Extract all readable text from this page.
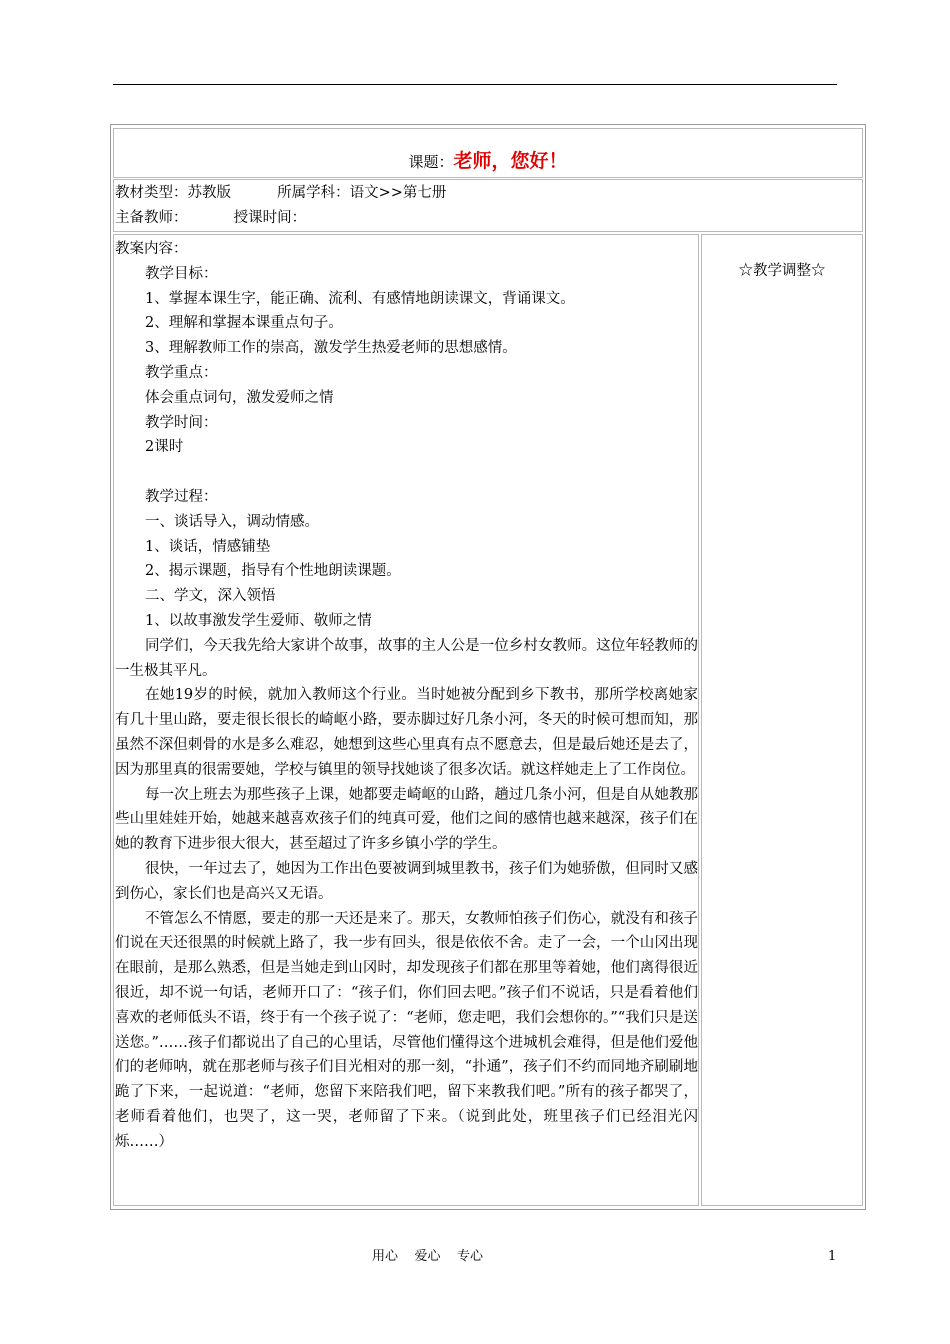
课题：老师，您好！
教材类型：苏教版          所属学科：语文>>第七册
主备教师：          授课时间：

教案内容：

教学目标：

1、掌握本课生字，能正确、流利、有感情地朗读课文，背诵课文。

2、理解和掌握本课重点句子。

3、理解教师工作的崇高，激发学生热爱老师的思想感情。

教学重点：

体会重点词句，激发爱师之情

教学时间：

2课时

教学过程：

一、谈话导入，调动情感。

1、谈话，情感铺垫

2、揭示课题，指导有个性地朗读课题。

二、学文，深入领悟

1、以故事激发学生爱师、敬师之情

同学们，今天我先给大家讲个故事，故事的主人公是一位乡村女教师。这位年轻教师的一生极其平凡。

在她19岁的时候，就加入教师这个行业。当时她被分配到乡下教书，那所学校离她家有几十里山路，要走很长很长的崎岖小路，要赤脚过好几条小河，冬天的时候可想而知，那虽然不深但刺骨的水是多么难忍，她想到这些心里真有点不愿意去，但是最后她还是去了，因为那里真的很需要她，学校与镇里的领导找她谈了很多次话。就这样她走上了工作岗位。

每一次上班去为那些孩子上课，她都要走崎岖的山路，趟过几条小河，但是自从她教那些山里娃娃开始，她越来越喜欢孩子们的纯真可爱，他们之间的感情也越来越深，孩子们在她的教育下进步很大很大，甚至超过了许多乡镇小学的学生。

很快，一年过去了，她因为工作出色要被调到城里教书，孩子们为她骄傲，但同时又感到伤心，家长们也是高兴又无语。

不管怎么不情愿，要走的那一天还是来了。那天，女教师怕孩子们伤心，就没有和孩子们说在天还很黑的时候就上路了，我一步有回头，很是依依不舍。走了一会，一个山冈出现在眼前，是那么熟悉，但是当她走到山冈时，却发现孩子们都在那里等着她，他们离得很近很近，却不说一句话，老师开口了：“孩子们，你们回去吧。”孩子们不说话，只是看着他们喜欢的老师低头不语，终于有一个孩子说了：“老师，您走吧，我们会想你的。”“我们只是送送您。”……孩子们都说出了自己的心里话，尽管他们懂得这个进城机会难得，但是他们爱他们的老师呐，就在那老师与孩子们目光相对的那一刻，“扑通”，孩子们不约而同地齐刷刷地跪了下来，一起说道：“老师，您留下来陪我们吧，留下来教我们吧。”所有的孩子都哭了，老师看着他们，也哭了，这一哭，老师留了下来。（说到此处，班里孩子们已经泪光闪烁……）

☆教学调整☆
用心    爱心    专心	1
